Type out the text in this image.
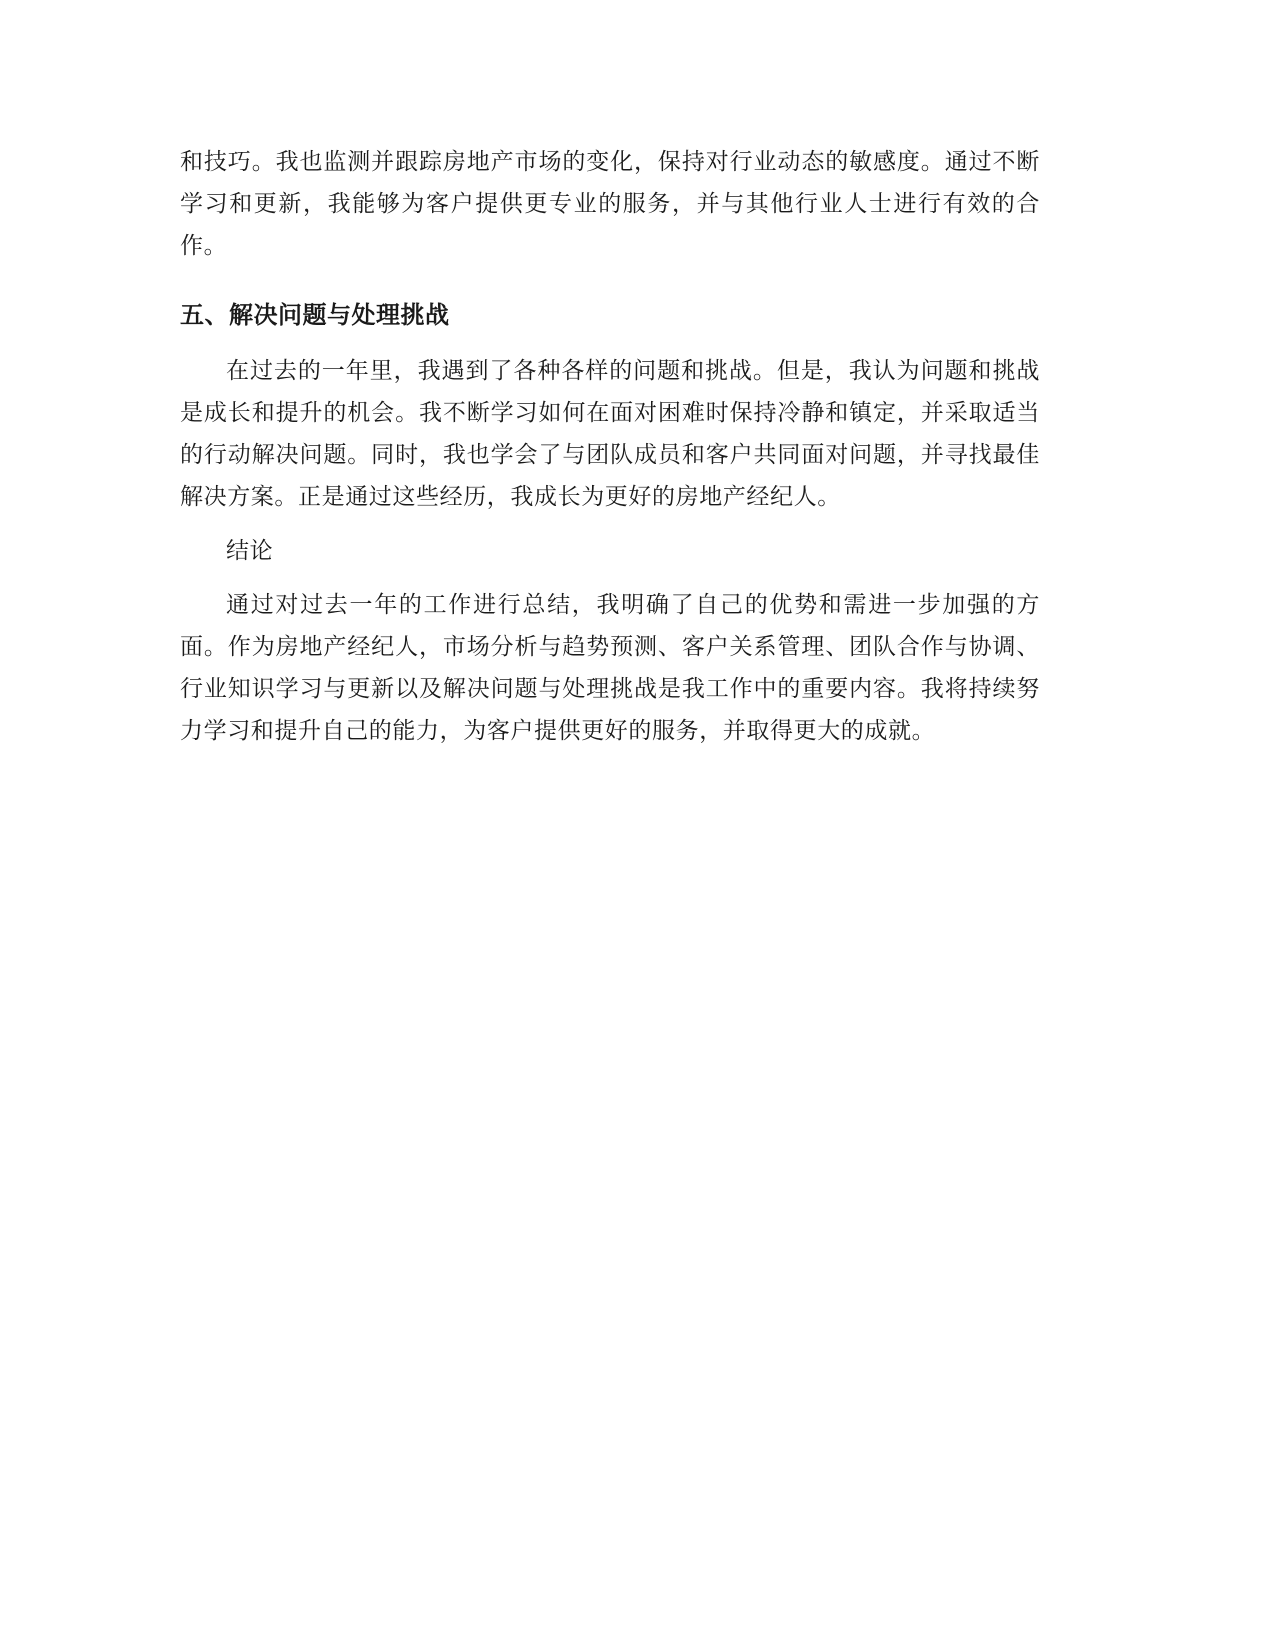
和技巧。我也监测并跟踪房地产市场的变化，保持对行业动态的敏感度。通过不断学习和更新，我能够为客户提供更专业的服务，并与其他行业人士进行有效的合作。

五、解决问题与处理挑战

在过去的一年里，我遇到了各种各样的问题和挑战。但是，我认为问题和挑战是成长和提升的机会。我不断学习如何在面对困难时保持冷静和镇定，并采取适当的行动解决问题。同时，我也学会了与团队成员和客户共同面对问题，并寻找最佳解决方案。正是通过这些经历，我成长为更好的房地产经纪人。

结论

通过对过去一年的工作进行总结，我明确了自己的优势和需进一步加强的方面。作为房地产经纪人，市场分析与趋势预测、客户关系管理、团队合作与协调、行业知识学习与更新以及解决问题与处理挑战是我工作中的重要内容。我将持续努力学习和提升自己的能力，为客户提供更好的服务，并取得更大的成就。
